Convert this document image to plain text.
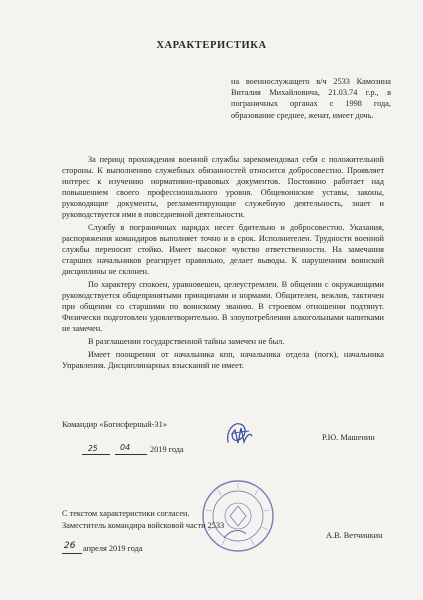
ХАРАКТЕРИСТИКА
на военнослужащего в/ч 2533 Камозина Виталия Михайловича, 21.03.74 г.р., в пограничных органах с 1998 года, образование среднее, женат, имеет дочь.

За период прохождения военной службы зарекомендовал себя с положительной стороны. К выполнению служебных обязанностей относится добросовестно. Проявляет интерес к изучению нормативно-правовых документов. Постоянно работает над повышением своего профессионального уровня. Общевоинские уставы, законы, руководящие документы, регламентирующие служебную деятельность, знает и руководствуется ими в повседневной деятельности.

Службу в пограничных нарядах несет бдительно и добросовестно. Указания, распоряжения командиров выполняет точно и в срок. Исполнителен. Трудности военной службы переносит стойко. Имеет высокое чувство ответственности. На замечания старших начальников реагирует правильно, делает выводы. К нарушениям воинской дисциплины не склонен.

По характеру спокоен, уравновешен, целеустремлен. В общении с окружающими руководствуется общепринятыми принципами и нормами. Общителен, вежлив, тактичен при общении со старшими по воинскому званию. В строевом отношении подтянут. Физически подготовлен удовлетворительно. В злоупотреблении алкогольными напитками не замечен.

В разглашении государственной тайны замечен не был.

Имеет поощрения от начальника кпп, начальника отдела (погк), начальника Управления. Дисциплинарных взысканий не имеет.

Командир «Богисферный-31»
Р.Ю. Машенин
25	04 2019 года
С текстом характеристики согласен.
Заместитель командира войсковой части 2533
А.В. Ветчинкин
26 апреля 2019 года
